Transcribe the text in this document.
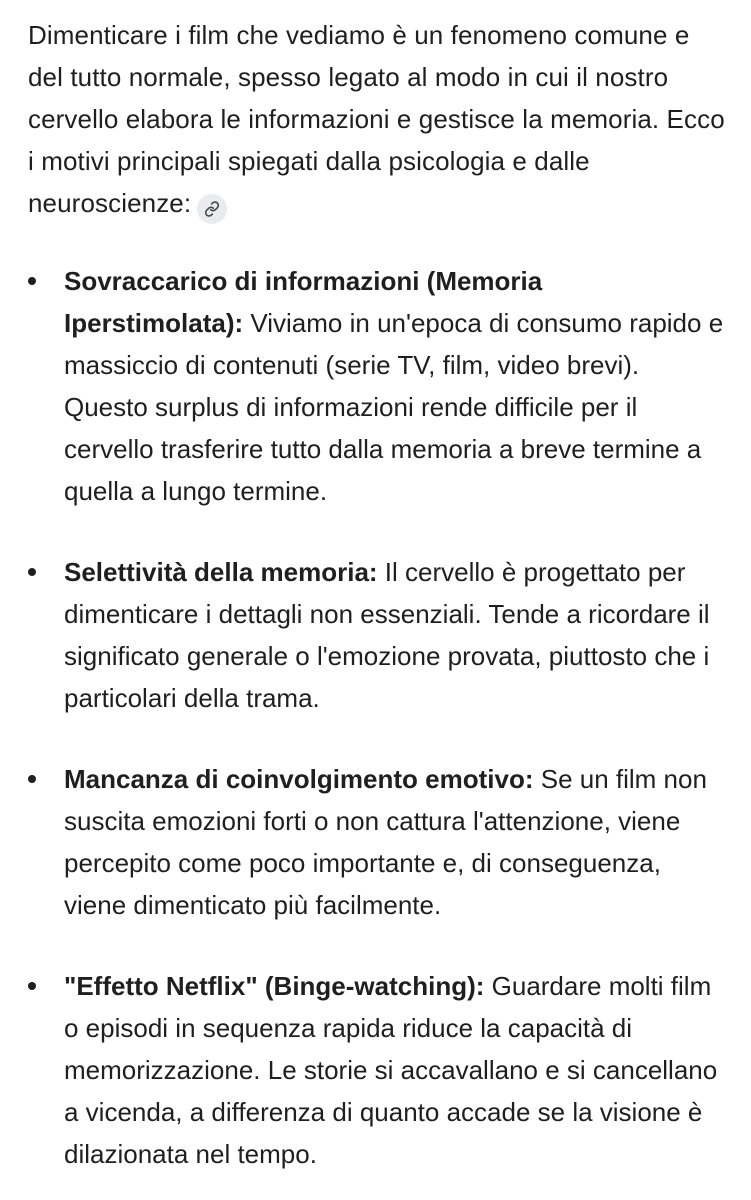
Dimenticare i film che vediamo è un fenomeno comune e del tutto normale, spesso legato al modo in cui il nostro cervello elabora le informazioni e gestisce la memoria. Ecco i motivi principali spiegati dalla psicologia e dalle neuroscienze:

Sovraccarico di informazioni (Memoria Iperstimolata): Viviamo in un'epoca di consumo rapido e massiccio di contenuti (serie TV, film, video brevi). Questo surplus di informazioni rende difficile per il cervello trasferire tutto dalla memoria a breve termine a quella a lungo termine.
Selettività della memoria: Il cervello è progettato per dimenticare i dettagli non essenziali. Tende a ricordare il significato generale o l'emozione provata, piuttosto che i particolari della trama.
Mancanza di coinvolgimento emotivo: Se un film non suscita emozioni forti o non cattura l'attenzione, viene percepito come poco importante e, di conseguenza, viene dimenticato più facilmente.
"Effetto Netflix" (Binge-watching): Guardare molti film o episodi in sequenza rapida riduce la capacità di memorizzazione. Le storie si accavallano e si cancellano a vicenda, a differenza di quanto accade se la visione è dilazionata nel tempo.
